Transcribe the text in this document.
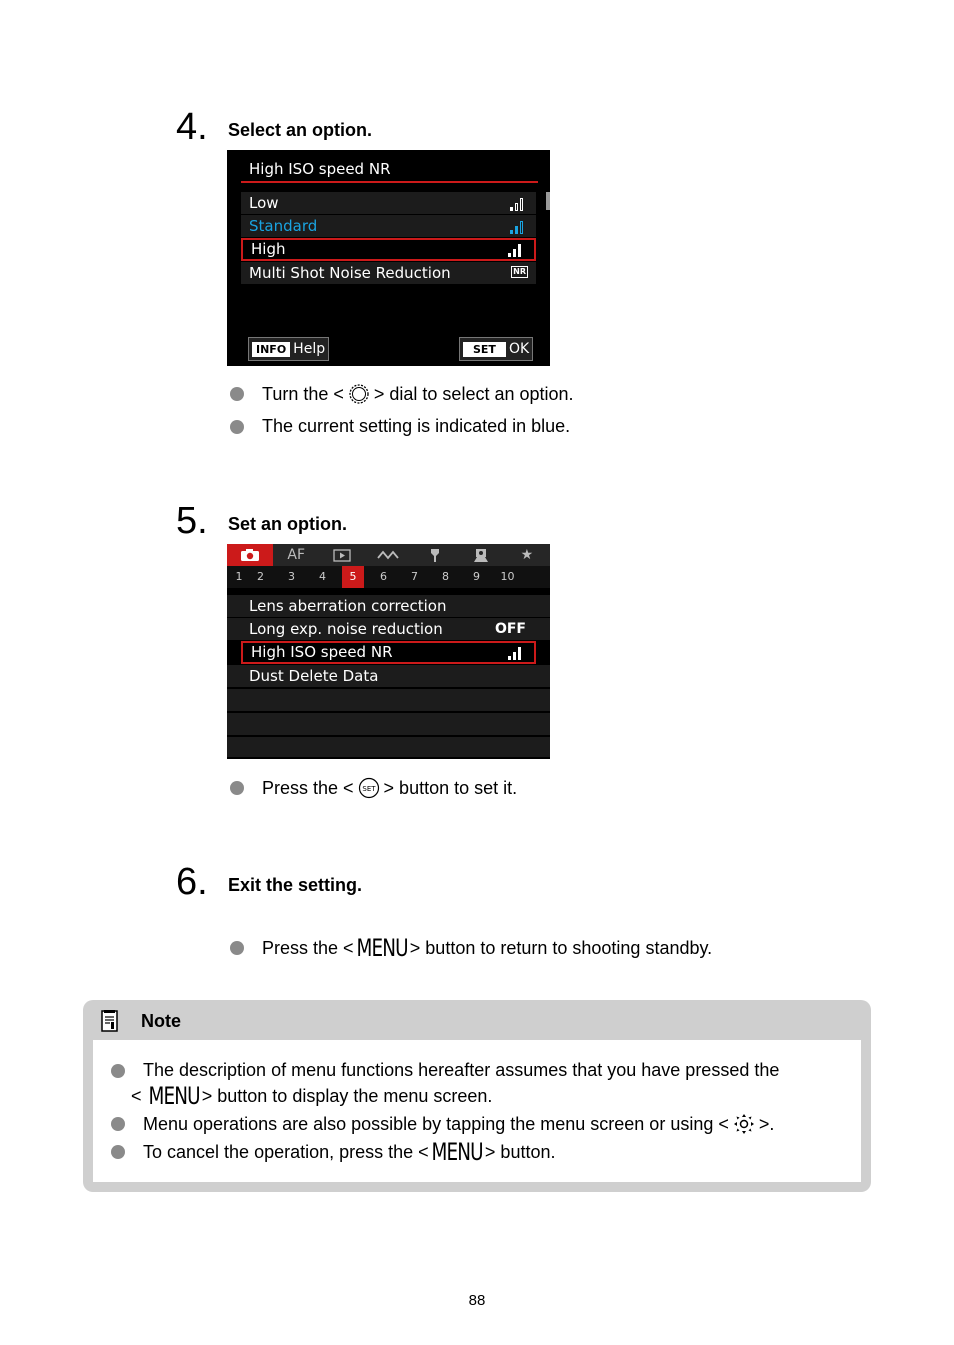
4. Select an option.
High ISO speed NR
Low
Standard
High
Multi Shot Noise Reduction	NR
INFO Help	SET OK
Turn the < > dial to select an option.
The current setting is indicated in blue.
5. Set an option.
AF	★
1	2	3	4	5	6	7	8	9	10
Lens aberration correction
Long exp. noise reduction	OFF
High ISO speed NR
Dust Delete Data
Press the < SET > button to set it.
6. Exit the setting.
Press the < MENU > button to return to shooting standby.
Note
The description of menu functions hereafter assumes that you have pressed the
< MENU > button to display the menu screen.
Menu operations are also possible by tapping the menu screen or using < >.
To cancel the operation, press the < MENU > button.
88
